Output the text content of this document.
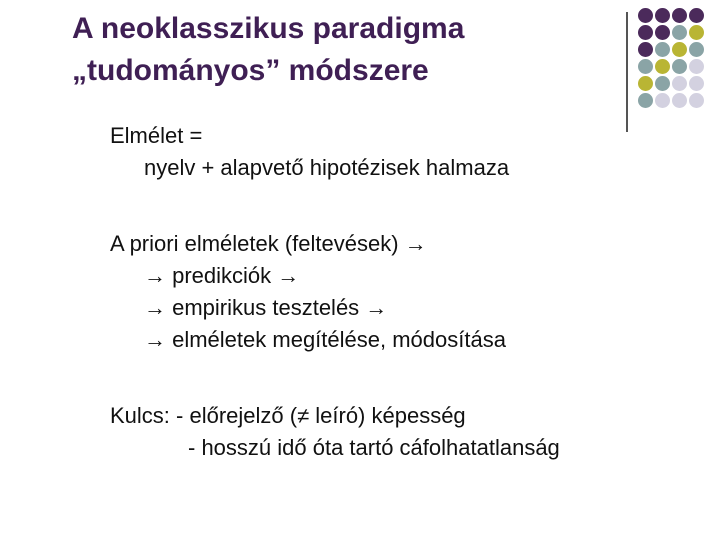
A neoklasszikus paradigma
„tudományos” módszere
Elmélet =
nyelv + alapvető hipotézisek halmaza
A priori elméletek (feltevések) →
→ predikciók →
→ empirikus tesztelés →
→ elméletek megítélése, módosítása
Kulcs: - előrejelző (≠ leíró) képesség
- hosszú idő óta tartó cáfolhatatlanság
